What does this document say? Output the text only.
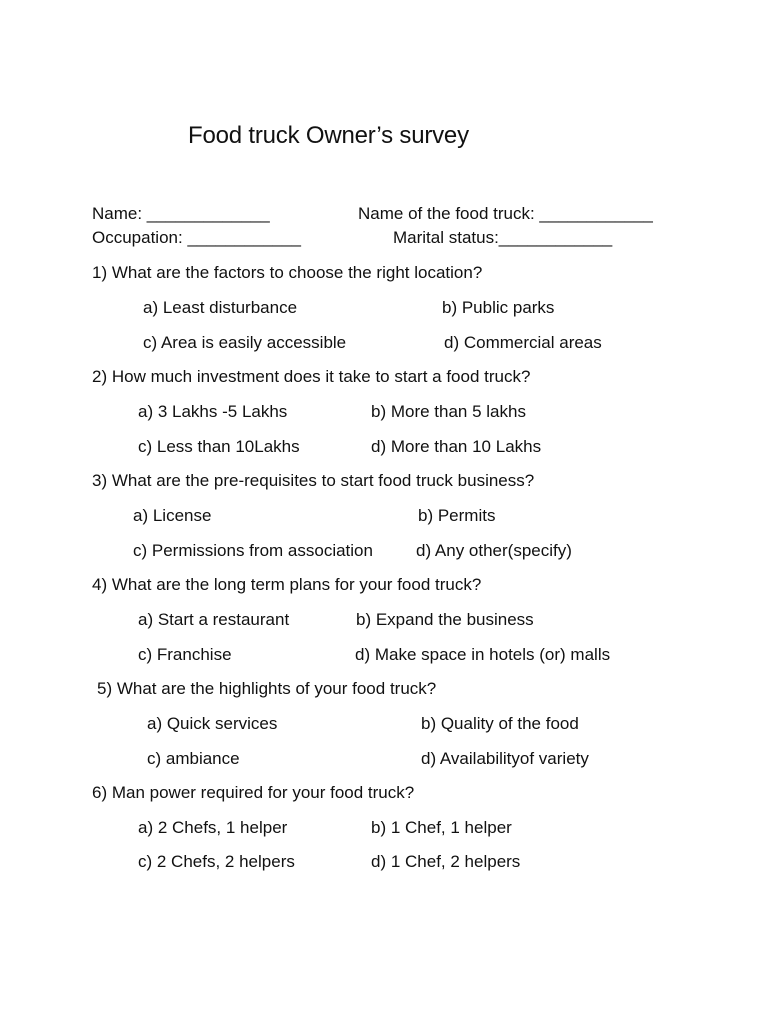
Food truck Owner’s survey
Name: _____________	Name of the food truck: ____________
Occupation: ____________	Marital status:____________
1) What are the factors to choose the right location?
a) Least disturbance	b) Public parks
c) Area is easily accessible	d) Commercial areas
2) How much investment does it take to start a food truck?
a) 3 Lakhs -5 Lakhs	b) More than 5 lakhs
c) Less than 10Lakhs	d) More than 10 Lakhs
3) What are the pre-requisites to start food truck business?
a) License	b) Permits
c) Permissions from association	d) Any other(specify)
4) What are the long term plans for your food truck?
a) Start a restaurant	b) Expand the business
c) Franchise	d) Make space in hotels (or) malls
5) What are the highlights of your food truck?
a) Quick services	b) Quality of the food
c) ambiance	d) Availabilityof variety
6) Man power required for your food truck?
a) 2 Chefs, 1 helper	b) 1 Chef, 1 helper
c) 2 Chefs, 2 helpers	d) 1 Chef, 2 helpers
